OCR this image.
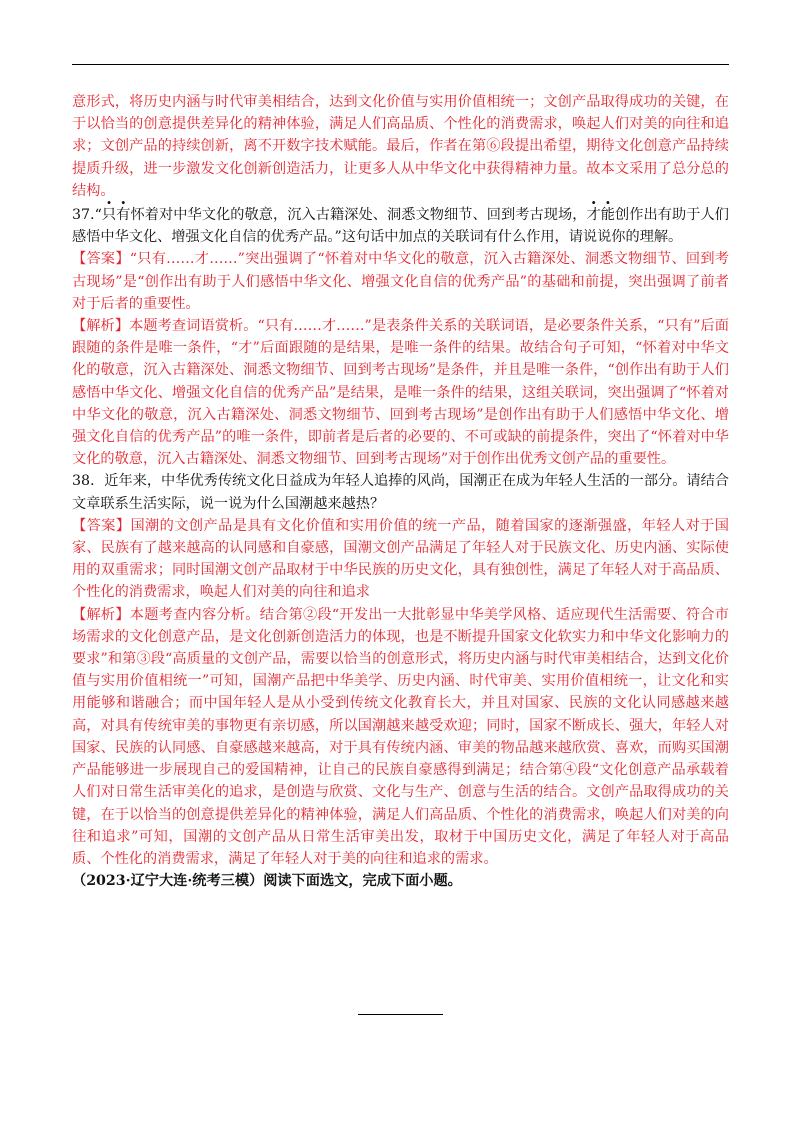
意形式，将历史内涵与时代审美相结合，达到文化价值与实用价值相统一；文创产品取得成功的关键，在于以恰当的创意提供差异化的精神体验，满足人们高品质、个性化的消费需求，唤起人们对美的向往和追求；文创产品的持续创新，离不开数字技术赋能。最后，作者在第⑥段提出希望，期待文化创意产品持续提质升级，进一步激发文化创新创造活力，让更多人从中华文化中获得精神力量。故本文采用了总分总的结构。

37.“只有怀着对中华文化的敬意，沉入古籍深处、洞悉文物细节、回到考古现场，才能创作出有助于人们感悟中华文化、增强文化自信的优秀产品。”这句话中加点的关联词有什么作用，请说说你的理解。

【答案】“只有……才……”突出强调了“怀着对中华文化的敬意，沉入古籍深处、洞悉文物细节、回到考古现场”是“创作出有助于人们感悟中华文化、增强文化自信的优秀产品”的基础和前提，突出强调了前者对于后者的重要性。

【解析】本题考查词语赏析。“只有……才……”是表条件关系的关联词语，是必要条件关系，“只有”后面跟随的条件是唯一条件，“才”后面跟随的是结果，是唯一条件的结果。故结合句子可知，“怀着对中华文化的敬意，沉入古籍深处、洞悉文物细节、回到考古现场”是条件，并且是唯一条件，“创作出有助于人们感悟中华文化、增强文化自信的优秀产品”是结果，是唯一条件的结果，这组关联词，突出强调了“怀着对中华文化的敬意，沉入古籍深处、洞悉文物细节、回到考古现场”是创作出有助于人们感悟中华文化、增强文化自信的优秀产品”的唯一条件，即前者是后者的必要的、不可或缺的前提条件，突出了“怀着对中华文化的敬意，沉入古籍深处、洞悉文物细节、回到考古现场”对于创作出优秀文创产品的重要性。

38．近年来，中华优秀传统文化日益成为年轻人追捧的风尚，国潮正在成为年轻人生活的一部分。请结合文章联系生活实际，说一说为什么国潮越来越热？

【答案】国潮的文创产品是具有文化价值和实用价值的统一产品，随着国家的逐渐强盛，年轻人对于国家、民族有了越来越高的认同感和自豪感，国潮文创产品满足了年轻人对于民族文化、历史内涵、实际使用的双重需求；同时国潮文创产品取材于中华民族的历史文化，具有独创性，满足了年轻人对于高品质、个性化的消费需求，唤起人们对美的向往和追求

【解析】本题考查内容分析。结合第②段“开发出一大批彰显中华美学风格、适应现代生活需要、符合市场需求的文化创意产品，是文化创新创造活力的体现，也是不断提升国家文化软实力和中华文化影响力的要求”和第③段“高质量的文创产品，需要以恰当的创意形式，将历史内涵与时代审美相结合，达到文化价值与实用价值相统一”可知，国潮产品把中华美学、历史内涵、时代审美、实用价值相统一，让文化和实用能够和谐融合；而中国年轻人是从小受到传统文化教育长大，并且对国家、民族的文化认同感越来越高，对具有传统审美的事物更有亲切感，所以国潮越来越受欢迎；同时，国家不断成长、强大，年轻人对国家、民族的认同感、自豪感越来越高，对于具有传统内涵、审美的物品越来越欣赏、喜欢，而购买国潮产品能够进一步展现自己的爱国精神，让自己的民族自豪感得到满足；结合第④段“文化创意产品承载着人们对日常生活审美化的追求，是创造与欣赏、文化与生产、创意与生活的结合。文创产品取得成功的关键，在于以恰当的创意提供差异化的精神体验，满足人们高品质、个性化的消费需求，唤起人们对美的向往和追求”可知，国潮的文创产品从日常生活审美出发，取材于中国历史文化，满足了年轻人对于高品质、个性化的消费需求，满足了年轻人对于美的向往和追求的需求。

（2023·辽宁大连·统考三模）阅读下面选文，完成下面小题。
